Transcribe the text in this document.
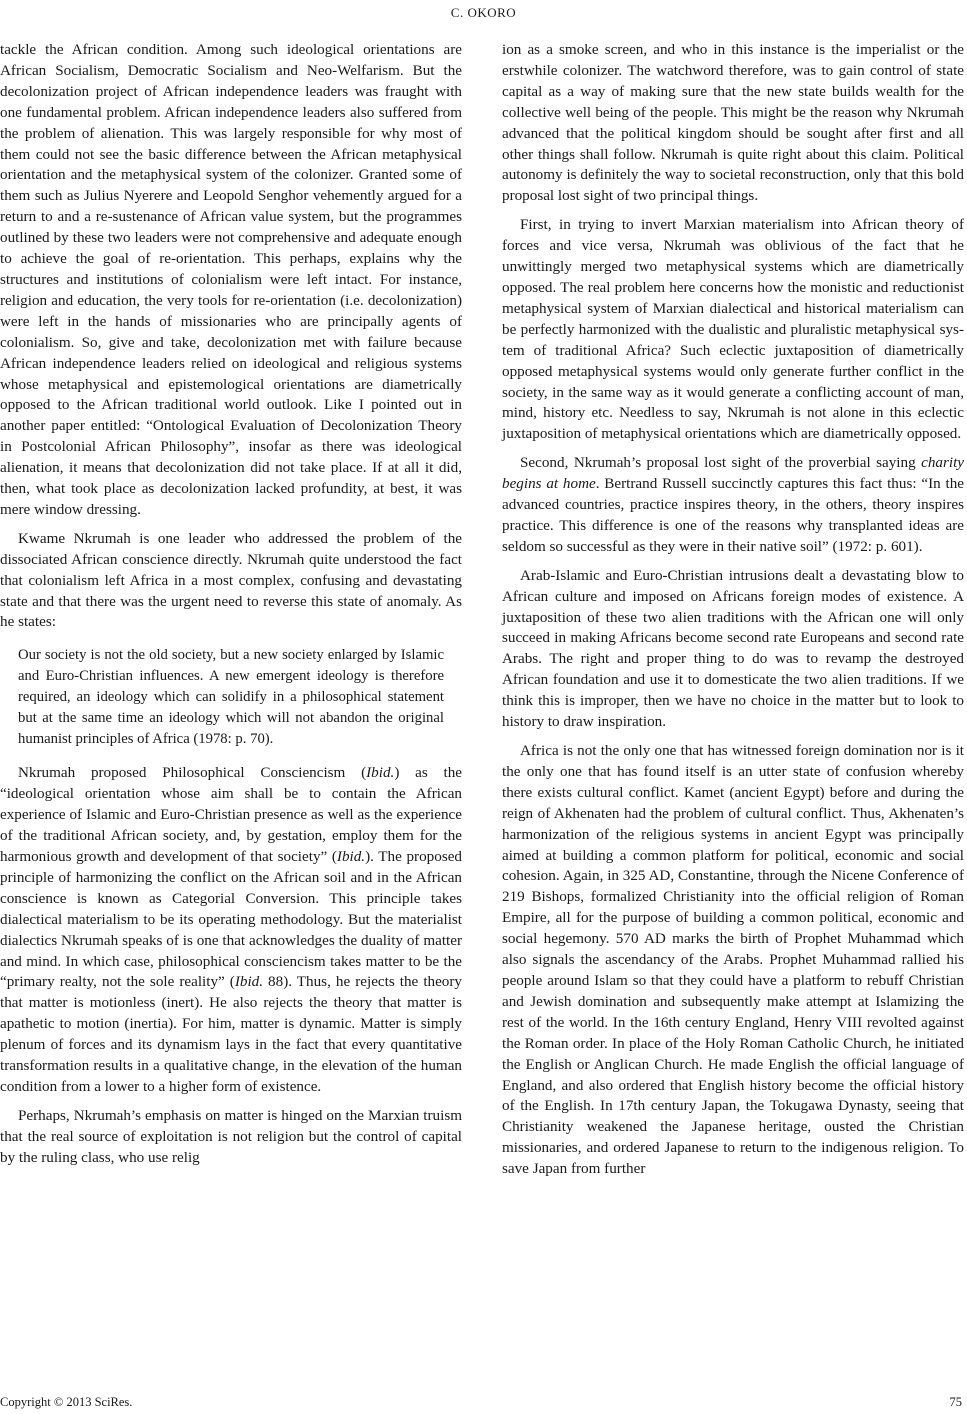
C. OKORO

tackle the African condition. Among such ideological orientations are African Socialism, Democratic Socialism and Neo-Welfarism. But the decolonization project of African independence leaders was fraught with one fundamental problem. African independence leaders also suffered from the problem of alienation. This was largely responsible for why most of them could not see the basic difference between the African metaphysical orientation and the metaphysical system of the colonizer. Granted some of them such as Julius Nyerere and Leopold Senghor vehemently argued for a return to and a re-sustenance of African value system, but the programmes outlined by these two leaders were not comprehensive and adequate enough to achieve the goal of re-orientation. This perhaps, explains why the structures and institutions of colonialism were left intact. For instance, religion and education, the very tools for re-orientation (i.e. decolonization) were left in the hands of missionaries who are principally agents of colonialism. So, give and take, decolonization met with failure because African independence leaders relied on ideological and religious systems whose metaphysical and epistemological orientations are diametrically opposed to the African traditional world outlook. Like I pointed out in another paper entitled: “Ontological Evaluation of Decolonization Theory in Postcolonial African Philosophy”, insofar as there was ideological alienation, it means that decolonization did not take place. If at all it did, then, what took place as decolonization lacked profundity, at best, it was mere window dressing.

Kwame Nkrumah is one leader who addressed the problem of the dissociated African conscience directly. Nkrumah quite understood the fact that colonialism left Africa in a most complex, confusing and devastating state and that there was the urgent need to reverse this state of anomaly. As he states:

Our society is not the old society, but a new society enlarged by Islamic and Euro-Christian influences. A new emergent ideology is therefore required, an ideology which can solidify in a philosophical statement but at the same time an ideology which will not abandon the original humanist principles of Africa (1978: p. 70).

Nkrumah proposed Philosophical Consciencism (Ibid.) as the “ideological orientation whose aim shall be to contain the African experience of Islamic and Euro-Christian presence as well as the experience of the traditional African society, and, by gestation, employ them for the harmonious growth and development of that society” (Ibid.). The proposed principle of harmonizing the conflict on the African soil and in the African conscience is known as Categorial Conversion. This principle takes dialectical materialism to be its operating methodology. But the materialist dialectics Nkrumah speaks of is one that acknowledges the duality of matter and mind. In which case, philosophical consciencism takes matter to be the “primary realty, not the sole reality” (Ibid. 88). Thus, he rejects the theory that matter is motionless (inert). He also rejects the theory that matter is apathetic to motion (inertia). For him, matter is dynamic. Matter is simply plenum of forces and its dynamism lays in the fact that every quantitative transformation results in a qualitative change, in the elevation of the human condition from a lower to a higher form of existence.

Perhaps, Nkrumah’s emphasis on matter is hinged on the Marxian truism that the real source of exploitation is not religion but the control of capital by the ruling class, who use relig

ion as a smoke screen, and who in this instance is the imperialist or the erstwhile colonizer. The watchword therefore, was to gain control of state capital as a way of making sure that the new state builds wealth for the collective well being of the people. This might be the reason why Nkrumah advanced that the political kingdom should be sought after first and all other things shall follow. Nkrumah is quite right about this claim. Political autonomy is definitely the way to societal reconstruction, only that this bold proposal lost sight of two principal things.

First, in trying to invert Marxian materialism into African theory of forces and vice versa, Nkrumah was oblivious of the fact that he unwittingly merged two metaphysical systems which are diametrically opposed. The real problem here concerns how the monistic and reductionist metaphysical system of Marxian dialectical and historical materialism can be perfectly harmonized with the dualistic and pluralistic metaphysical system of traditional Africa? Such eclectic juxtaposition of diametrically opposed metaphysical systems would only generate further conflict in the society, in the same way as it would generate a conflicting account of man, mind, history etc. Needless to say, Nkrumah is not alone in this eclectic juxtaposition of metaphysical orientations which are diametrically opposed.

Second, Nkrumah’s proposal lost sight of the proverbial saying charity begins at home. Bertrand Russell succinctly captures this fact thus: “In the advanced countries, practice inspires theory, in the others, theory inspires practice. This difference is one of the reasons why transplanted ideas are seldom so successful as they were in their native soil” (1972: p. 601).

Arab-Islamic and Euro-Christian intrusions dealt a devastating blow to African culture and imposed on Africans foreign modes of existence. A juxtaposition of these two alien traditions with the African one will only succeed in making Africans become second rate Europeans and second rate Arabs. The right and proper thing to do was to revamp the destroyed African foundation and use it to domesticate the two alien traditions. If we think this is improper, then we have no choice in the matter but to look to history to draw inspiration.

Africa is not the only one that has witnessed foreign domination nor is it the only one that has found itself is an utter state of confusion whereby there exists cultural conflict. Kamet (ancient Egypt) before and during the reign of Akhenaten had the problem of cultural conflict. Thus, Akhenaten’s harmonization of the religious systems in ancient Egypt was principally aimed at building a common platform for political, economic and social cohesion. Again, in 325 AD, Constantine, through the Nicene Conference of 219 Bishops, formalized Christianity into the official religion of Roman Empire, all for the purpose of building a common political, economic and social hegemony. 570 AD marks the birth of Prophet Muhammad which also signals the ascendancy of the Arabs. Prophet Muhammad rallied his people around Islam so that they could have a platform to rebuff Christian and Jewish domination and subsequently make attempt at Islamizing the rest of the world. In the 16th century England, Henry VIII revolted against the Roman order. In place of the Holy Roman Catholic Church, he initiated the English or Anglican Church. He made English the official language of England, and also ordered that English history become the official history of the English. In 17th century Japan, the Tokugawa Dynasty, seeing that Christianity weakened the Japanese heritage, ousted the Christian missionaries, and ordered Japanese to return to the indigenous religion. To save Japan from further

Copyright © 2013 SciRes.	75
